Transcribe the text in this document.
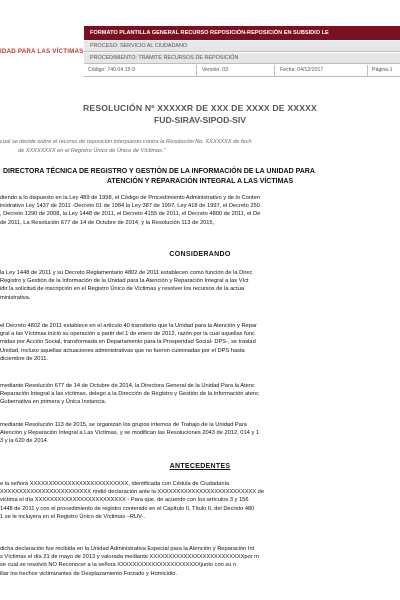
IDAD PARA LAS VÍCTIMAS
FORMATO PLANTILLA GENERAL RECURSO REPOSICIÓN-REPOSICIÓN EN SUBSIDIO LE
PROCESO: SERVICIO AL CIUDADANO
PROCEDIMIENTO: TRAMITE RECURSOS DE REPOSICIÓN
Código: 740.04.15-9	Versión: 03	Fecha: 04/12/2017	Página 1
RESOLUCIÓN Nº XXXXXR DE XXX DE XXXX DE XXXXX
FUD-SIRAV-SIPOD-SIV
cual se decide sobre el recurso de reposición interpuesto contra la Resolución No. XXXXXXX de fech
de XXXXXXXX en el Registro Único de Único de Víctimas."
DIRECTORA TÉCNICA DE REGISTRO Y GESTIÓN DE LA INFORMACIÓN DE LA UNIDAD PARA
ATENCIÓN Y REPARACIÓN INTEGRAL A LAS VÍCTIMAS
diendo a lo dispuesto en la Ley 489 de 1998, el Código de Procedimiento Administrativo y de lo Conten
inistrativo Ley 1437 de 2011 -Decreto 01 de 1984 la Ley 387 de 1997, Ley 418 de 1997, el Decreto 250
, Decreto 1290 de 2008, la Ley 1448 de 2011, el Decreto 4155 de 2011, el Decreto 4800 de 2011, el De
de 2011, La Resolución 677 de 14 de Octubre de 2014, y la Resolución 113 de 2015,
CONSIDERANDO
la Ley 1448 de 2011 y su Decreto Reglamentario 4802 de 2011 establecen como función de la Direc
Registro y Gestión de la Información de la Unidad para la Atención y Reparación Integral a las Víct
idir la solicitud de inscripción en el Registro Único de Víctimas y resolver los recursos de la actua
ministrativa.
el Decreto 4802 de 2011 establece en el artículo 40 transitorio que la Unidad para la Atención y Repar
gral a las Víctimas inició su operación a partir del 1 de enero de 2012, razón por la cual aquellas func
midas por Acción Social, transformada en Departamento para la Prosperidad Social- DPS-, se traslad
Unidad, incluso aquellas actuaciones administrativas que no fueron culminadas por el DPS hasta
diciembre de 2011.
mediante Resolución 677 de 14 de Octubre de 2014, la Directora General de la Unidad Para la Atenc
Reparación Integral a las víctimas, delego a la Dirección de Registro y Gestión de la Información atenc
Gubernativa en primera y Única Instancia.
mediante Resolución 113 de 2015, se organizan los grupos internos de Trabajo de la Unidad Para
Atención y Reparación Integral a Las Víctimas, y se modifican las Resoluciones 2043 de 2012, 014 y 1
3 y la 620 de 2014.
ANTECEDENTES
e la señora XXXXXXXXXXXXXXXXXXXXXXXXXX, identificada con Cédula de Ciudadanía
XXXXXXXXXXXXXXXXXXXXXXXX rindió declaración ante la XXXXXXXXXXXXXXXXXXXXXXXXXX de
victima el día XXXXXXXXXXXXXXXXXXXXXXXX - Para que, de acuerdo con los artículos 3 y 156
1448 de 2011 y con el procedimiento de registro contenido en el Capítulo II, Título II, del Decreto 480
1 se le incluyera en el Registro Único de Víctimas –RUV-.
dicha declaración fue recibida en la Unidad Administrativa Especial para la Atención y Reparación Int
s Víctimas el día 21 de mayo de 2013 y valorada mediante XXXXXXXXXXXXXXXXXXXXXXXXXpor m
se cual se resolvió NO Reconocer a la señora XXXXXXXXXXXXXXXXXXXXXXjunto con su n
iliar los hechos victimizantes de Desplazamiento Forzado y Homicidio.
